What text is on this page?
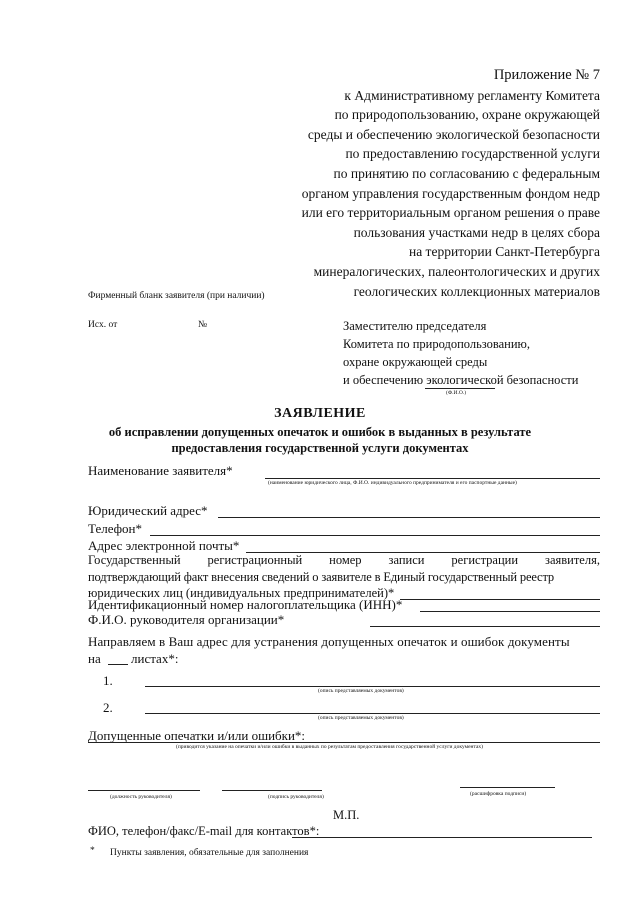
Приложение № 7
к Административному регламенту Комитета
по природопользованию, охране окружающей
среды и обеспечению экологической безопасности
по предоставлению государственной услуги
по принятию по согласованию с федеральным
органом управления государственным фондом недр
или его территориальным органом решения о праве
пользования участками недр в целях сбора
на территории Санкт-Петербурга
минералогических, палеонтологических и других
геологических коллекционных материалов
Фирменный бланк заявителя (при наличии)
Исх. от	№	Заместителю председателя
Комитета по природопользованию,
охране окружающей среды
и обеспечению экологической безопасности
(Ф.И.О.)
ЗАЯВЛЕНИЕ
об исправлении допущенных опечаток и ошибок в выданных в результате
предоставления государственной услуги документах
Наименование заявителя*
(наименование юридического лица, Ф.И.О. индивидуального предпринимателя и его паспортные данные)
Юридический адрес*
Телефон*
Адрес электронной почты*
Государственный регистрационный номер записи регистрации заявителя,
подтверждающий факт внесения сведений о заявителе в Единый государственный реестр
юридических лиц (индивидуальных предпринимателей)*
Идентификационный номер налогоплательщика (ИНН)*
Ф.И.О. руководителя организации*
Направляем в Ваш адрес для устранения допущенных опечаток и ошибок документы
на листах*:
1.
(опись представляемых документов)
2.
(опись представляемых документов)
Допущенные опечатки и/или ошибки*:
(приводится указание на опечатки и/или ошибки в выданных по результатам предоставления государственной услуги документах)
(должность руководителя)	(подпись руководителя)	(расшифровка подписи)
М.П.
ФИО, телефон/факс/E-mail для контактов*:
* Пункты заявления, обязательные для заполнения
